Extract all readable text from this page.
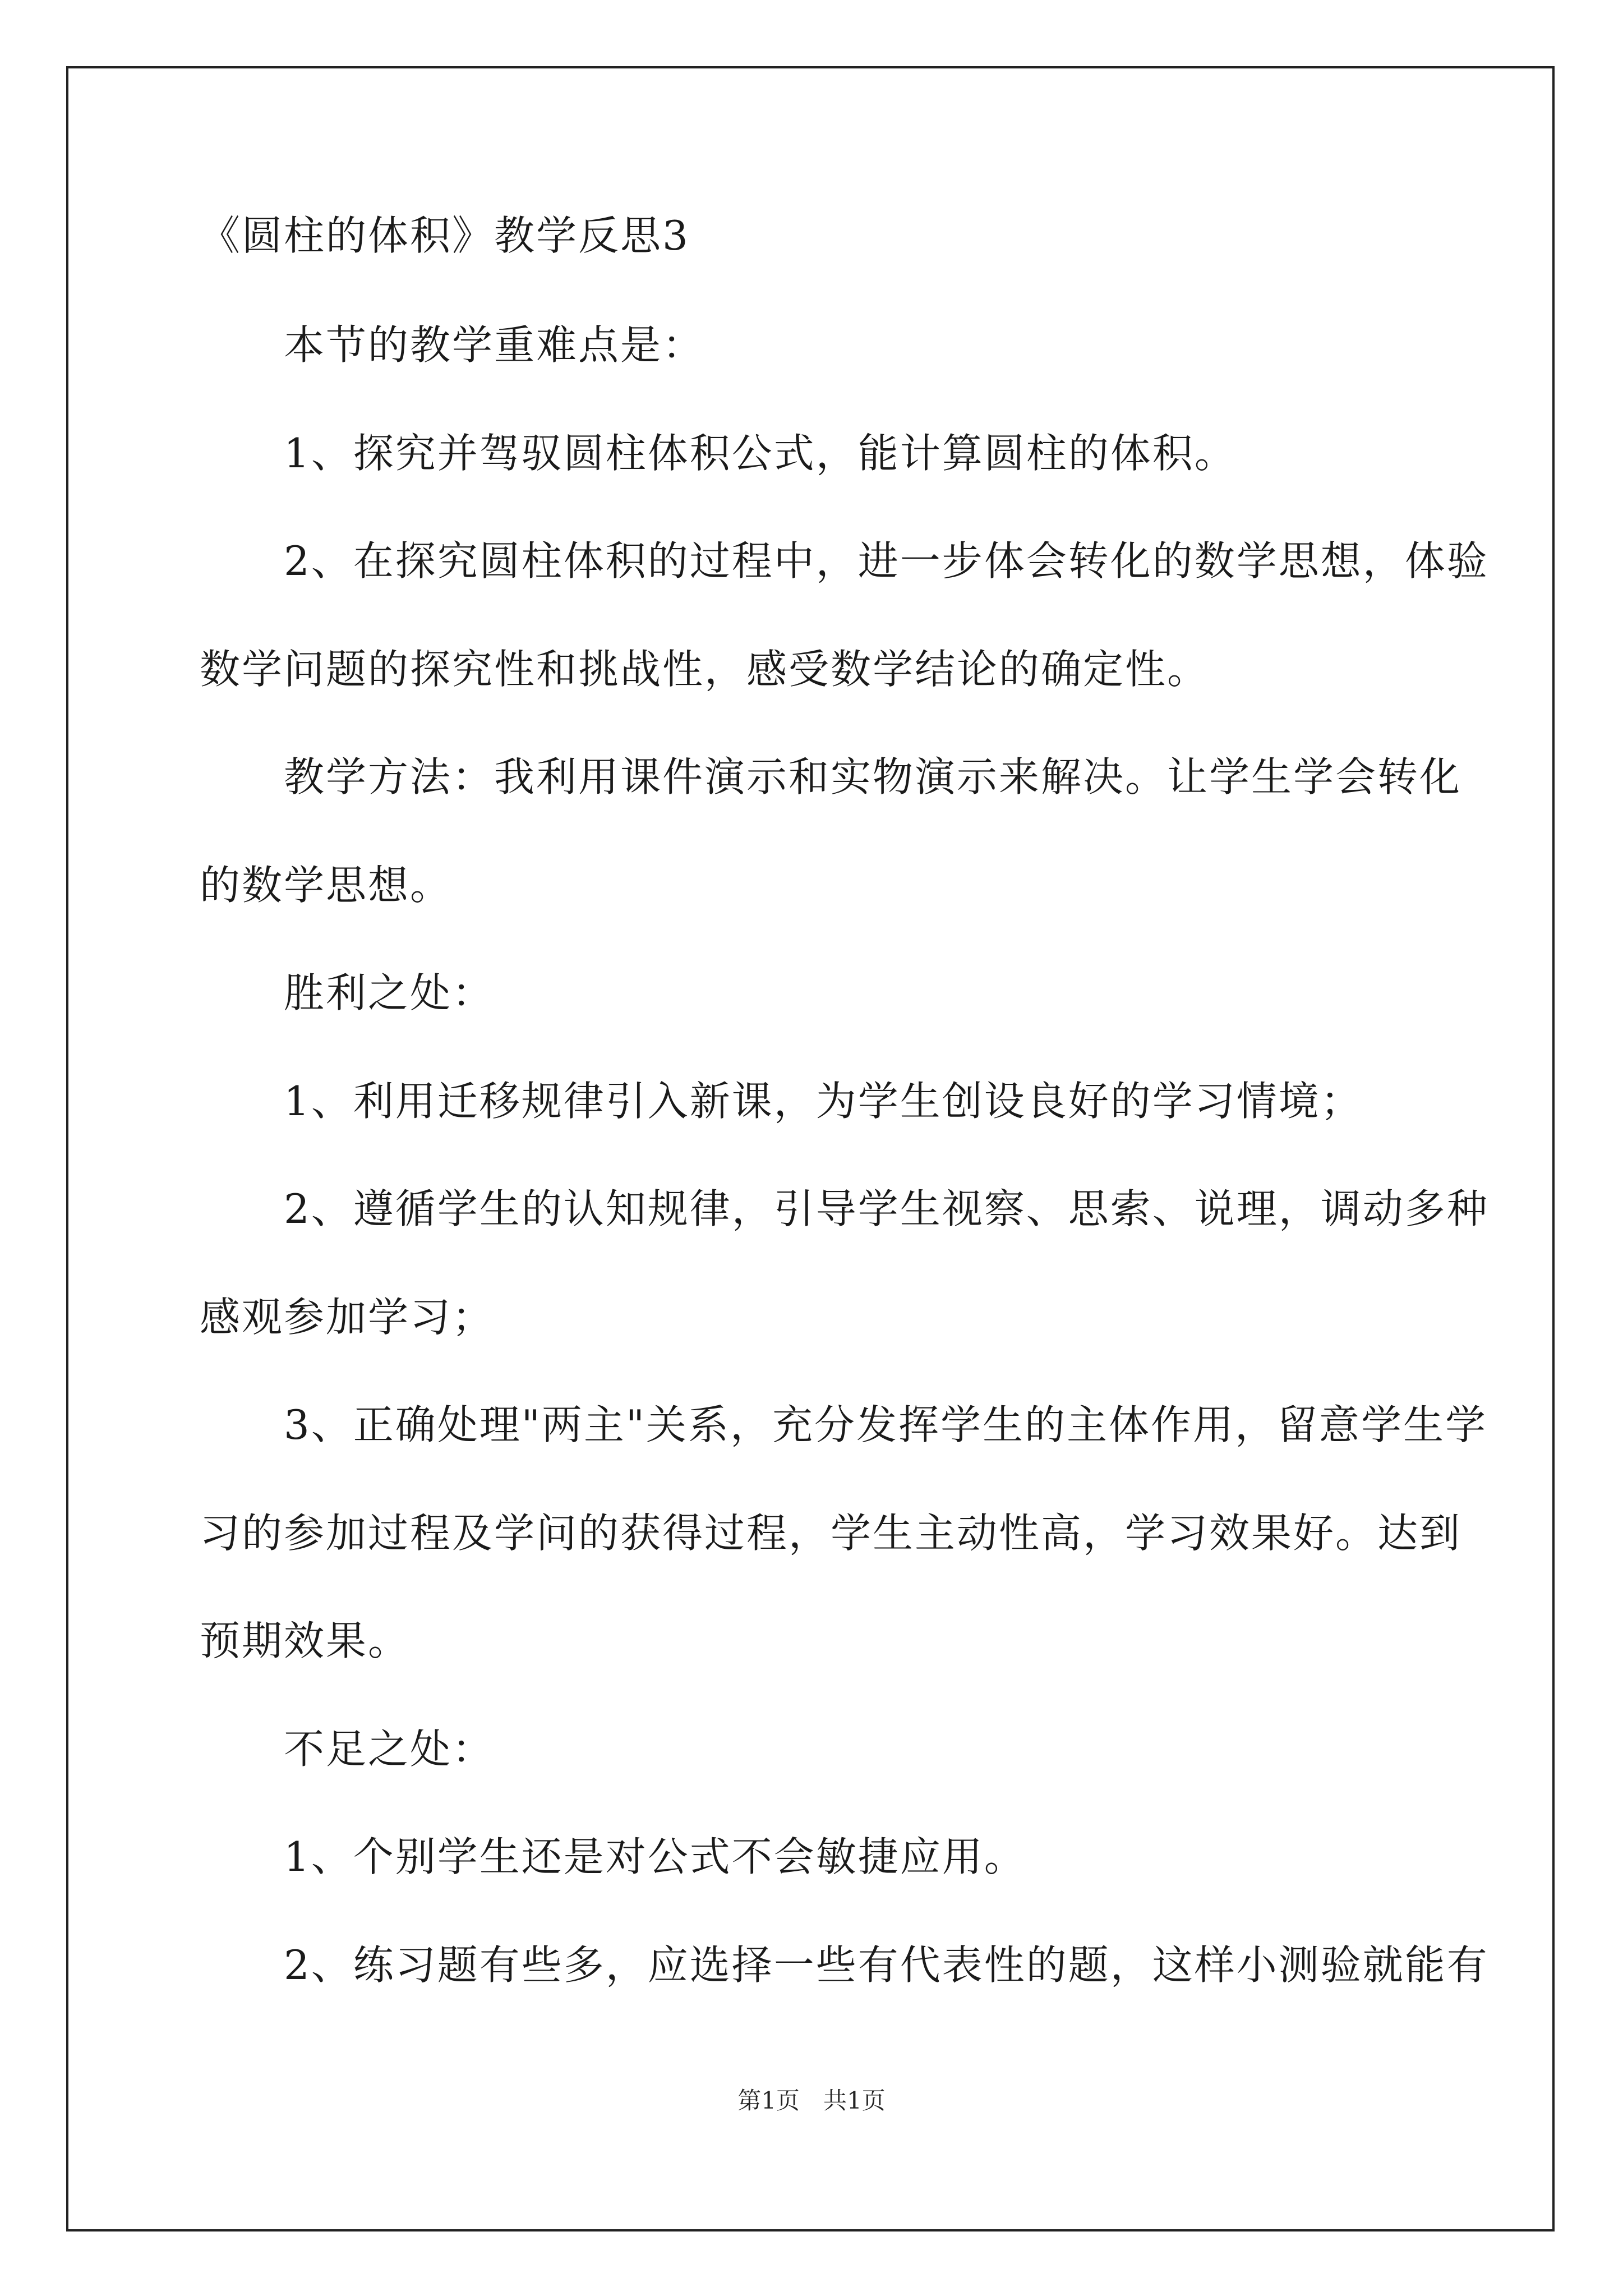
《圆柱的体积》教学反思3
本节的教学重难点是：
1、探究并驾驭圆柱体积公式，能计算圆柱的体积。
2、在探究圆柱体积的过程中，进一步体会转化的数学思想，体验
数学问题的探究性和挑战性，感受数学结论的确定性。
教学方法：我利用课件演示和实物演示来解决。让学生学会转化
的数学思想。
胜利之处：
1、利用迁移规律引入新课，为学生创设良好的学习情境；
2、遵循学生的认知规律，引导学生视察、思索、说理，调动多种
感观参加学习；
3、正确处理"两主"关系，充分发挥学生的主体作用，留意学生学
习的参加过程及学问的获得过程，学生主动性高，学习效果好。达到
预期效果。
不足之处：
1、个别学生还是对公式不会敏捷应用。
2、练习题有些多，应选择一些有代表性的题，这样小测验就能有
第1页　共1页
